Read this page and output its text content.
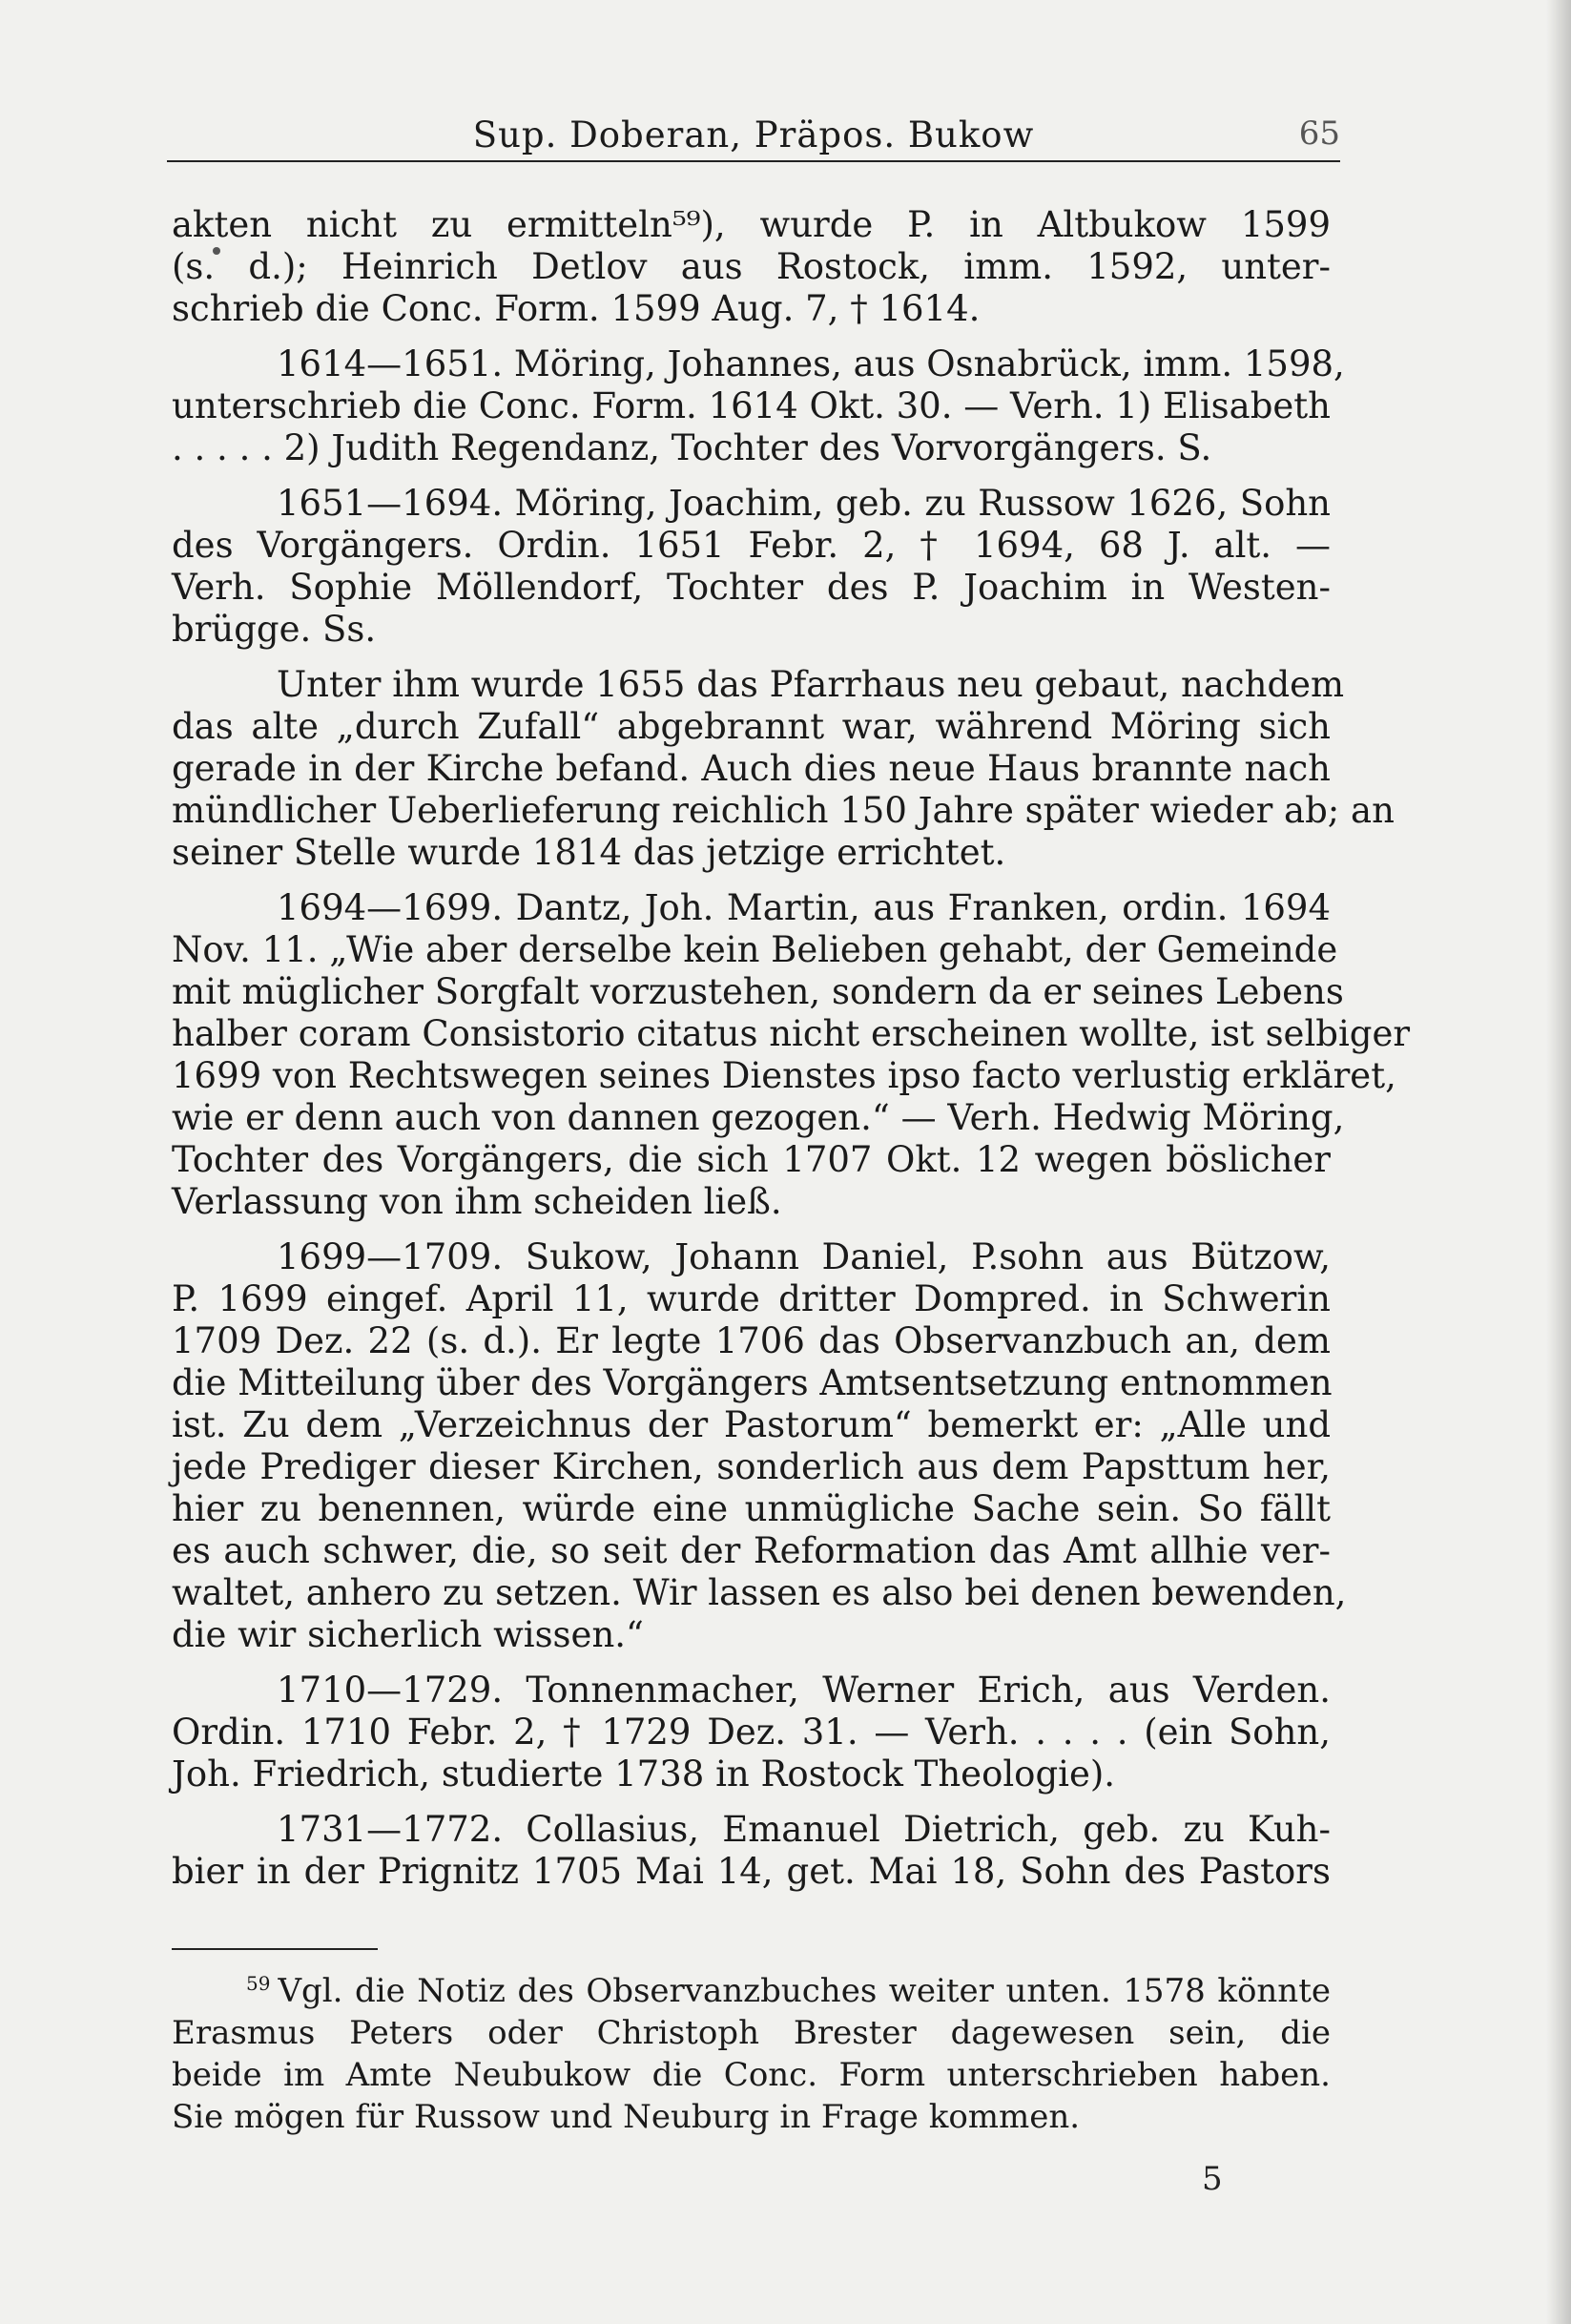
Sup. Doberan, Präpos. Bukow	65
akten nicht zu ermitteln⁵⁹), wurde P. in Altbukow 1599
(s. d.); Heinrich Detlov aus Rostock, imm. 1592, unter-
schrieb die Conc. Form. 1599 Aug. 7, † 1614.
1614—1651. Möring, Johannes, aus Osnabrück, imm. 1598,
unterschrieb die Conc. Form. 1614 Okt. 30. — Verh. 1) Elisabeth
. . . . . 2) Judith Regendanz, Tochter des Vorvorgängers. S.
1651—1694. Möring, Joachim, geb. zu Russow 1626, Sohn
des Vorgängers. Ordin. 1651 Febr. 2, † 1694, 68 J. alt. —
Verh. Sophie Möllendorf, Tochter des P. Joachim in Westen-
brügge. Ss.
Unter ihm wurde 1655 das Pfarrhaus neu gebaut, nachdem
das alte „durch Zufall“ abgebrannt war, während Möring sich
gerade in der Kirche befand. Auch dies neue Haus brannte nach
mündlicher Ueberlieferung reichlich 150 Jahre später wieder ab; an
seiner Stelle wurde 1814 das jetzige errichtet.
1694—1699. Dantz, Joh. Martin, aus Franken, ordin. 1694
Nov. 11. „Wie aber derselbe kein Belieben gehabt, der Gemeinde
mit müglicher Sorgfalt vorzustehen, sondern da er seines Lebens
halber coram Consistorio citatus nicht erscheinen wollte, ist selbiger
1699 von Rechtswegen seines Dienstes ipso facto verlustig erkläret,
wie er denn auch von dannen gezogen.“ — Verh. Hedwig Möring,
Tochter des Vorgängers, die sich 1707 Okt. 12 wegen böslicher
Verlassung von ihm scheiden ließ.
1699—1709. Sukow, Johann Daniel, P.sohn aus Bützow,
P. 1699 eingef. April 11, wurde dritter Dompred. in Schwerin
1709 Dez. 22 (s. d.). Er legte 1706 das Observanzbuch an, dem
die Mitteilung über des Vorgängers Amtsentsetzung entnommen
ist. Zu dem „Verzeichnus der Pastorum“ bemerkt er: „Alle und
jede Prediger dieser Kirchen, sonderlich aus dem Papsttum her,
hier zu benennen, würde eine unmügliche Sache sein. So fällt
es auch schwer, die, so seit der Reformation das Amt allhie ver-
waltet, anhero zu setzen. Wir lassen es also bei denen bewenden,
die wir sicherlich wissen.“
1710—1729. Tonnenmacher, Werner Erich, aus Verden.
Ordin. 1710 Febr. 2, † 1729 Dez. 31. — Verh. . . . . (ein Sohn,
Joh. Friedrich, studierte 1738 in Rostock Theologie).
1731—1772. Collasius, Emanuel Dietrich, geb. zu Kuh-
bier in der Prignitz 1705 Mai 14, get. Mai 18, Sohn des Pastors
$^{59}$ Vgl. die Notiz des Observanzbuches weiter unten. 1578 könnte
Erasmus Peters oder Christoph Brester dagewesen sein, die
beide im Amte Neubukow die Conc. Form unterschrieben haben.
Sie mögen für Russow und Neuburg in Frage kommen.
5
